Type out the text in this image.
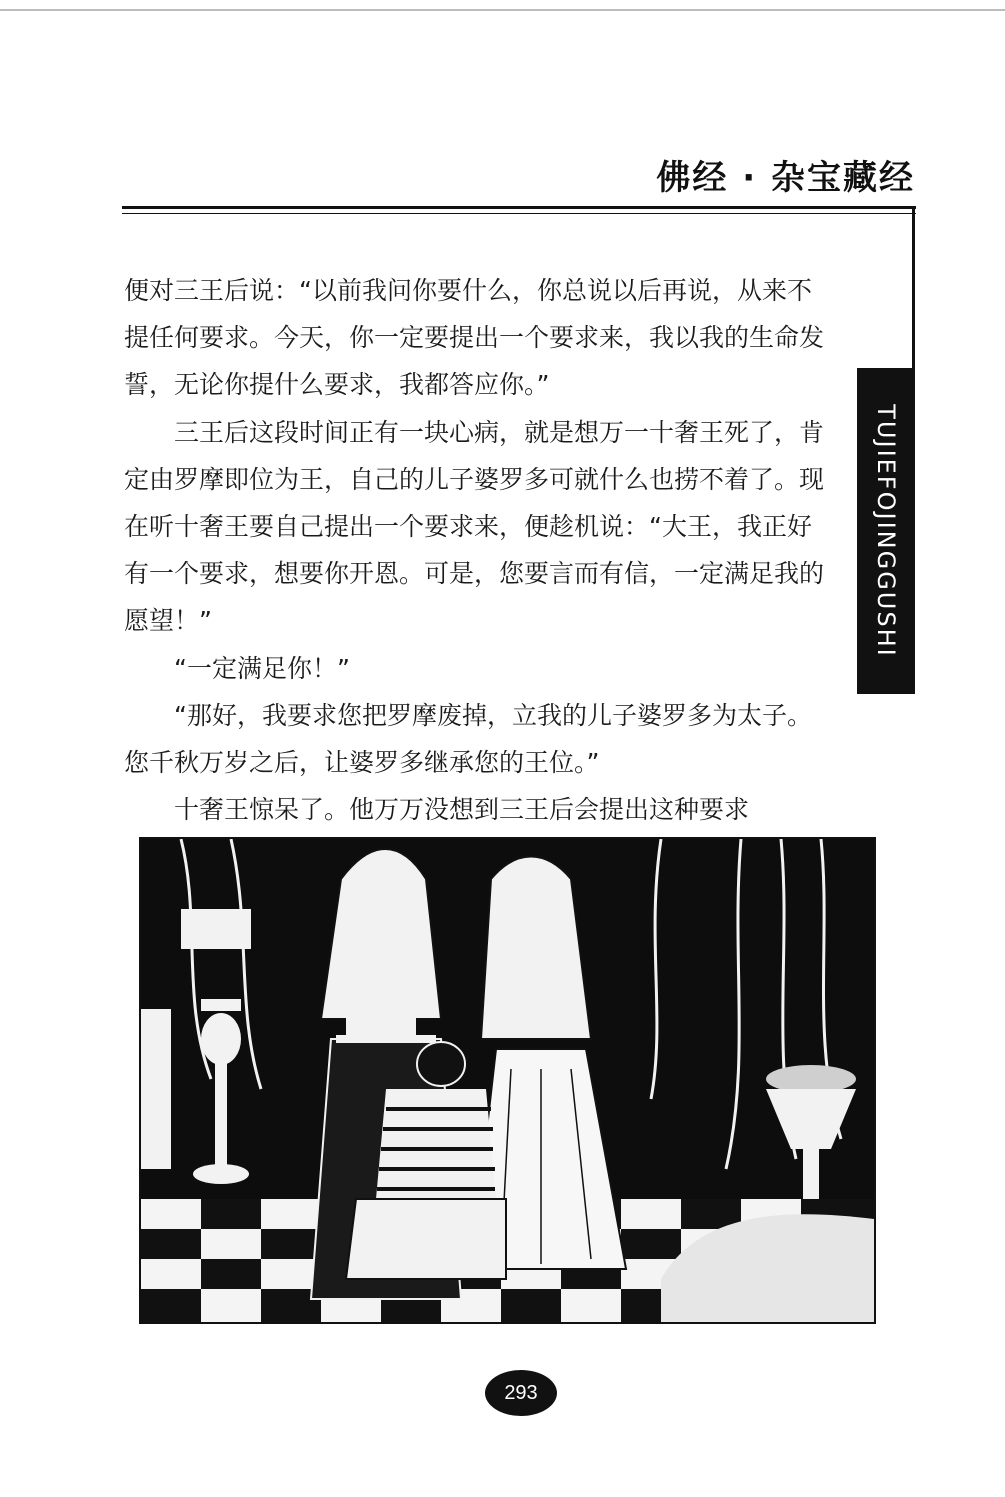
佛经 · 杂宝藏经
TUJIEFOJINGGUSHI

便对三王后说：“以前我问你要什么，你总说以后再说，从来不提任何要求。今天，你一定要提出一个要求来，我以我的生命发誓，无论你提什么要求，我都答应你。”

三王后这段时间正有一块心病，就是想万一十奢王死了，肯定由罗摩即位为王，自己的儿子婆罗多可就什么也捞不着了。现在听十奢王要自己提出一个要求来，便趁机说：“大王，我正好有一个要求，想要你开恩。可是，您要言而有信，一定满足我的愿望！”

“一定满足你！”

“那好，我要求您把罗摩废掉，立我的儿子婆罗多为太子。您千秋万岁之后，让婆罗多继承您的王位。”

十奢王惊呆了。他万万没想到三王后会提出这种要求

293
